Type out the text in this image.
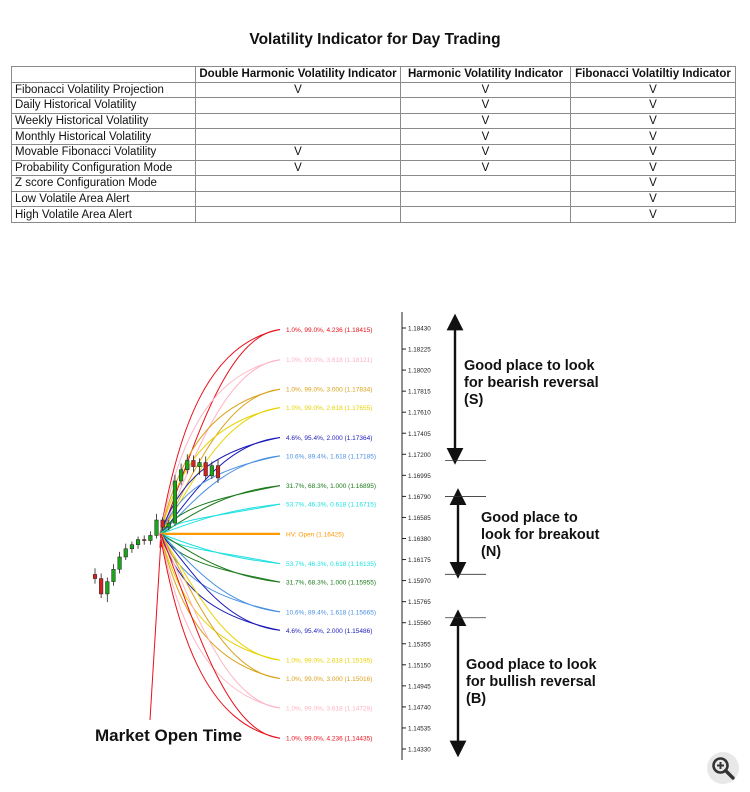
Volatility Indicator for Day Trading
	Double Harmonic Volatility Indicator	Harmonic Volatility Indicator	Fibonacci Volatiltiy Indicator
Fibonacci Volatility Projection	V	V	V
Daily Historical Volatility		V	V
Weekly Historical Volatility		V	V
Monthly Historical Volatility		V	V
Movable Fibonacci Volatility	V	V	V
Probability Configuration Mode	V	V	V
Z score Configuration Mode			V
Low Volatile Area Alert			V
High Volatile Area Alert			V
1.0%, 99.0%, 4.236 (1.18415)
1.0%, 99.0%, 3.618 (1.18121)
1.0%, 99.0%, 3.000 (1.17834)
1.0%, 99.0%, 2.618 (1.17655)
4.6%, 95.4%, 2.000 (1.17364)
10.6%, 89.4%, 1.618 (1.17185)
31.7%, 68.3%, 1.000 (1.16895)
53.7%, 46.3%, 0.618 (1.16715)
HV: Open (1.16425)
53.7%, 46.3%, 0.618 (1.16135)
31.7%, 68.3%, 1.000 (1.15955)
10.6%, 89.4%, 1.618 (1.15665)
4.6%, 95.4%, 2.000 (1.15486)
1.0%, 99.0%, 2.618 (1.15195)
1.0%, 99.0%, 3.000 (1.15016)
1.0%, 99.0%, 3.618 (1.14729)
1.0%, 99.0%, 4.236 (1.14435)
1.18430
1.18225
1.18020
1.17815
1.17610
1.17405
1.17200
1.16995
1.16790
1.16585
1.16380
1.16175
1.15970
1.15765
1.15560
1.15355
1.15150
1.14945
1.14740
1.14535
1.14330
Good place to look
for bearish reversal
(S)
Good place to
look for breakout
(N)
Good place to look
for bullish reversal
(B)
Market Open Time
